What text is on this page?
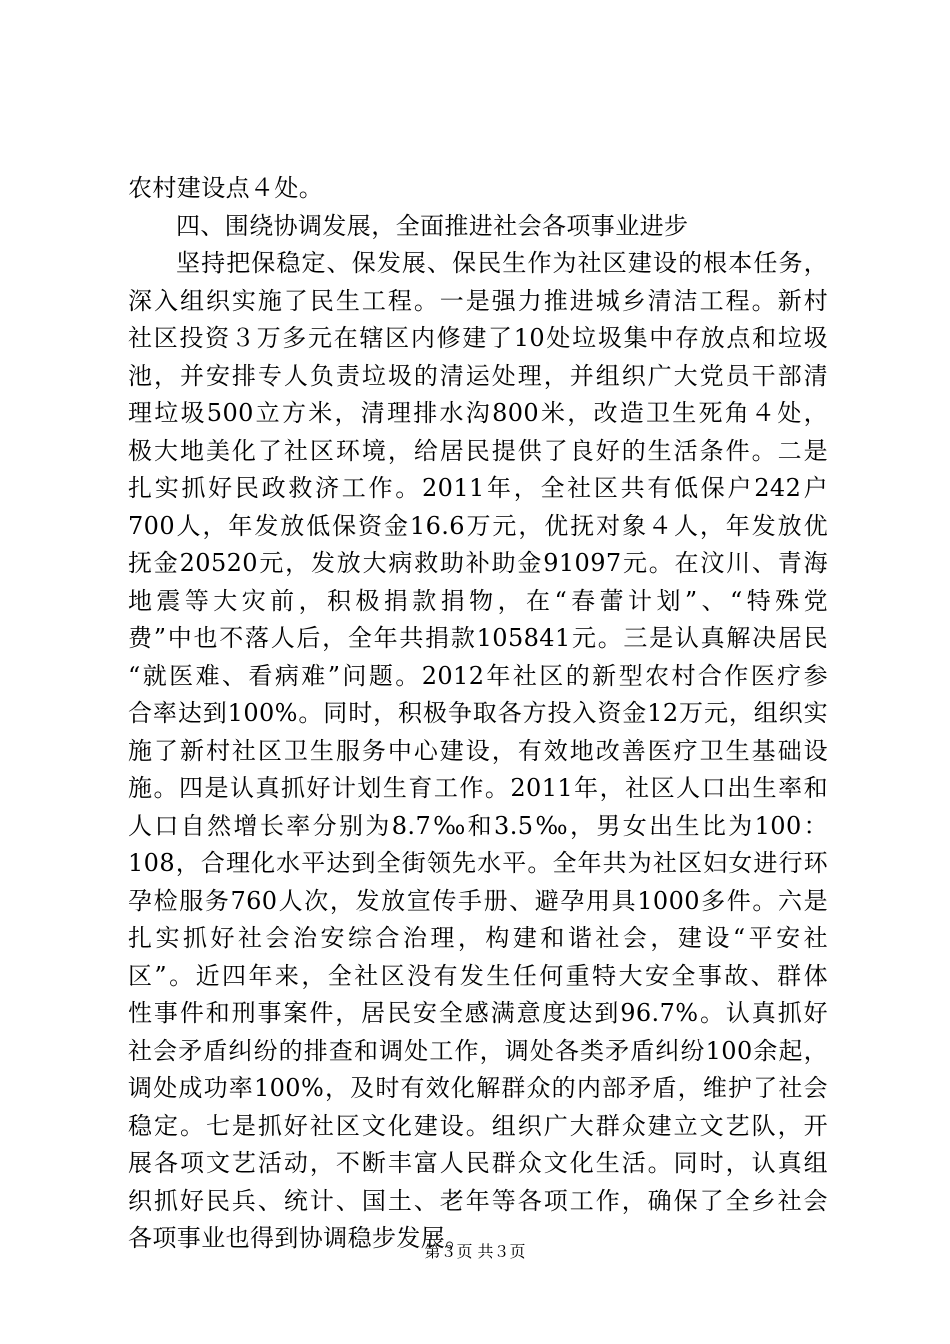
农村建设点４处。
四、围绕协调发展，全面推进社会各项事业进步
坚持把保稳定、保发展、保民生作为社区建设的根本任务，
深入组织实施了民生工程。一是强力推进城乡清洁工程。新村
社区投资３万多元在辖区内修建了10处垃圾集中存放点和垃圾
池，并安排专人负责垃圾的清运处理，并组织广大党员干部清
理垃圾500立方米，清理排水沟800米，改造卫生死角４处，
极大地美化了社区环境，给居民提供了良好的生活条件。二是
扎实抓好民政救济工作。2011年，全社区共有低保户242户
700人，年发放低保资金16.6万元，优抚对象４人，年发放优
抚金20520元，发放大病救助补助金91097元。在汶川、青海
地震等大灾前，积极捐款捐物，在“春蕾计划”、“特殊党
费”中也不落人后，全年共捐款105841元。三是认真解决居民
“就医难、看病难”问题。2012年社区的新型农村合作医疗参
合率达到100%。同时，积极争取各方投入资金12万元，组织实
施了新村社区卫生服务中心建设，有效地改善医疗卫生基础设
施。四是认真抓好计划生育工作。2011年，社区人口出生率和
人口自然增长率分别为8.7‰和3.5‰，男女出生比为100：
108，合理化水平达到全街领先水平。全年共为社区妇女进行环
孕检服务760人次，发放宣传手册、避孕用具1000多件。六是
扎实抓好社会治安综合治理，构建和谐社会，建设“平安社
区”。近四年来，全社区没有发生任何重特大安全事故、群体
性事件和刑事案件，居民安全感满意度达到96.7%。认真抓好
社会矛盾纠纷的排查和调处工作，调处各类矛盾纠纷100余起，
调处成功率100%，及时有效化解群众的内部矛盾，维护了社会
稳定。七是抓好社区文化建设。组织广大群众建立文艺队，开
展各项文艺活动，不断丰富人民群众文化生活。同时，认真组
织抓好民兵、统计、国土、老年等各项工作，确保了全乡社会
各项事业也得到协调稳步发展。
第３页 共３页
